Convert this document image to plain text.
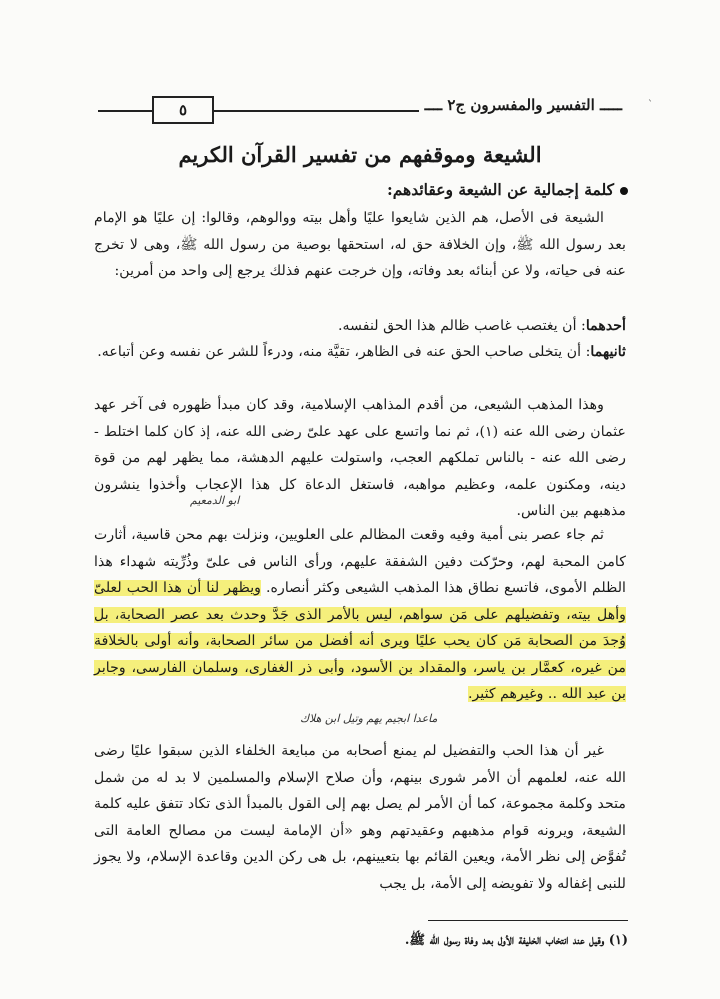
ˋ
ـــــ التفسير والمفسرون ج٢ ــــ
٥
الشيعة وموقفهم من تفسير القرآن الكريم
كلمة إجمالية عن الشيعة وعقائدهم:

الشيعة فى الأصل، هم الذين شايعوا عليًا وأهل بيته ووالوهم، وقالوا: إن عليًا هو الإمام بعد رسول الله ﷺ، وإن الخلافة حق له، استحقها بوصية من رسول الله ﷺ، وهى لا تخرج عنه فى حياته، ولا عن أبنائه بعد وفاته، وإن خرجت عنهم فذلك يرجع إلى واحد من أمرين:

أحدهما: أن يغتصب غاصب ظالم هذا الحق لنفسه.

ثانيهما: أن يتخلى صاحب الحق عنه فى الظاهر، تقيَّة منه، ودرءاً للشر عن نفسه وعن أتباعه.

وهذا المذهب الشيعى، من أقدم المذاهب الإسلامية، وقد كان مبدأ ظهوره فى آخر عهد عثمان رضى الله عنه (١)، ثم نما واتسع على عهد علىّ رضى الله عنه، إذ كان كلما اختلط - رضى الله عنه - بالناس تملكهم العجب، واستولت عليهم الدهشة، مما يظهر لهم من قوة دينه، ومكنون علمه، وعظيم مواهبه، فاستغل الدعاة كل هذا الإعجاب وأخذوا ينشرون مذهبهم بين الناس.

ابو الدمعيم

ثم جاء عصر بنى أمية وفيه وقعت المظالم على العلويين، ونزلت بهم محن قاسية، أثارت كامن المحبة لهم، وحرّكت دفين الشفقة عليهم، ورأى الناس فى علىّ وذُرِّيته شهداء هذا الظلم الأموى، فاتسع نطاق هذا المذهب الشيعى وكثر أنصاره. ويظهر لنا أن هذا الحب لعلىّ وأهل بيته، وتفضيلهم على مَن سواهم، ليس بالأمر الذى جَدَّ وحدث بعد عصر الصحابة، بل وُجدَ من الصحابة مَن كان يحب عليًا ويرى أنه أفضل من سائر الصحابة، وأنه أولى بالخلافة من غيره، كعمَّار بن ياسر، والمقداد بن الأسود، وأبى ذر الغفارى، وسلمان الفارسى، وجابر بن عبد الله .. وغيرهم كثير.

ماعدا ابجيم يهم وتيل ابن هلاك

غير أن هذا الحب والتفضيل لم يمنع أصحابه من مبايعة الخلفاء الذين سبقوا عليًا رضى الله عنه، لعلمهم أن الأمر شورى بينهم، وأن صلاح الإسلام والمسلمين لا بد له من شمل متحد وكلمة مجموعة، كما أن الأمر لم يصل بهم إلى القول بالمبدأ الذى تكاد تتفق عليه كلمة الشيعة، ويرونه قوام مذهبهم وعقيدتهم وهو «أن الإمامة ليست من مصالح العامة التى تُفوَّض إلى نظر الأمة، ويعين القائم بها بتعيينهم، بل هى ركن الدين وقاعدة الإسلام، ولا يجوز للنبى إغفاله ولا تفويضه إلى الأمة، بل يجب

(١) وقيل عند انتخاب الخليفة الأول بعد وفاة رسول الله ﷺ.
